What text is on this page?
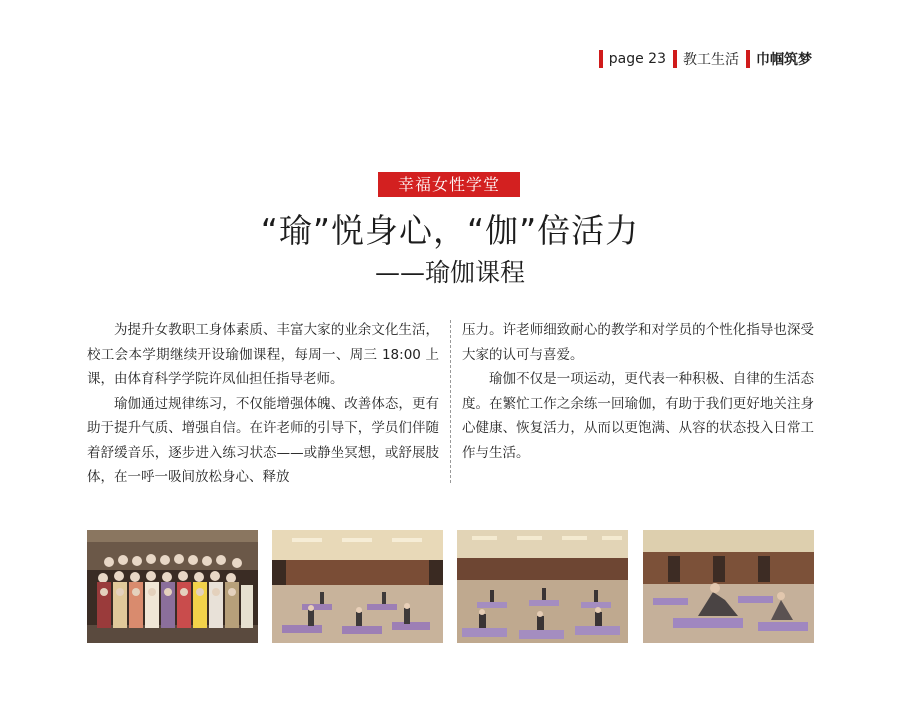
page 23 教工生活 巾帼筑梦
幸福女性学堂
“瑜”悦身心，“伽”倍活力
——瑜伽课程

为提升女教职工身体素质、丰富大家的业余文化生活，校工会本学期继续开设瑜伽课程，每周一、周三 18:00 上课，由体育科学学院许凤仙担任指导老师。

瑜伽通过规律练习，不仅能增强体魄、改善体态，更有助于提升气质、增强自信。在许老师的引导下，学员们伴随着舒缓音乐，逐步进入练习状态——或静坐冥想，或舒展肢体，在一呼一吸间放松身心、释放

压力。许老师细致耐心的教学和对学员的个性化指导也深受大家的认可与喜爱。

瑜伽不仅是一项运动，更代表一种积极、自律的生活态度。在繁忙工作之余练一回瑜伽，有助于我们更好地关注身心健康、恢复活力，从而以更饱满、从容的状态投入日常工作与生活。
